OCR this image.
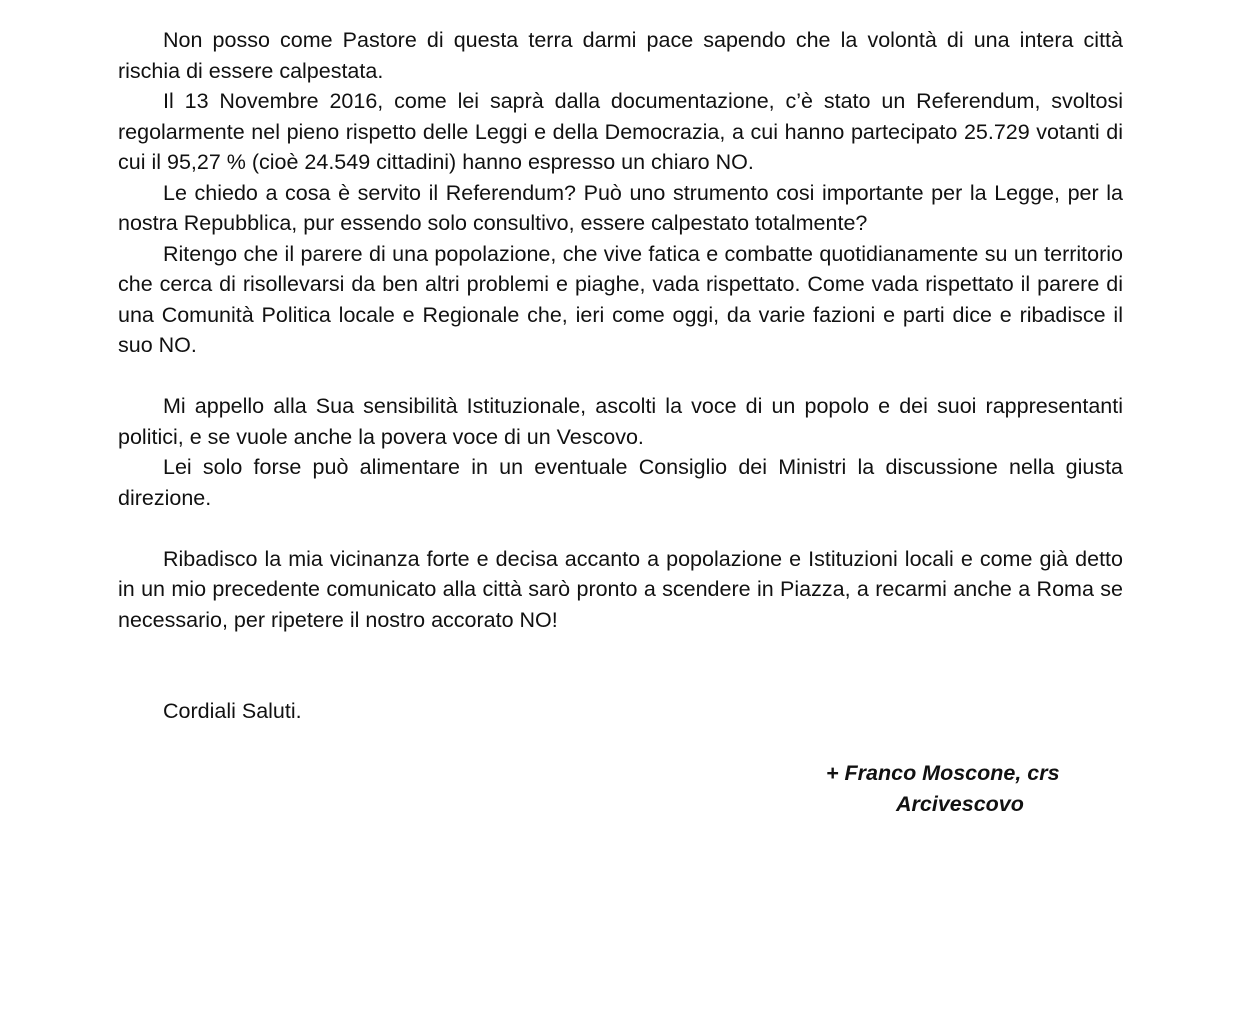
Non posso come Pastore di questa terra darmi pace sapendo che la volontà di una intera città rischia di essere calpestata.

Il 13 Novembre 2016, come lei saprà dalla documentazione, c’è stato un Referendum, svoltosi regolarmente nel pieno rispetto delle Leggi e della Democrazia, a cui hanno partecipato 25.729 votanti di cui il 95,27 % (cioè 24.549 cittadini) hanno espresso un chiaro NO.

Le chiedo a cosa è servito il Referendum? Può uno strumento cosi importante per la Legge, per la nostra Repubblica, pur essendo solo consultivo, essere calpestato totalmente?

Ritengo che il parere di una popolazione, che vive fatica e combatte quotidianamente su un territorio che cerca di risollevarsi da ben altri problemi e piaghe, vada rispettato. Come vada rispettato il parere di una Comunità Politica locale e Regionale che, ieri come oggi, da varie fazioni e parti dice e ribadisce il suo NO.

Mi appello alla Sua sensibilità Istituzionale, ascolti la voce di un popolo e dei suoi rappresentanti politici, e se vuole anche la povera voce di un Vescovo.

Lei solo forse può alimentare in un eventuale Consiglio dei Ministri la discussione nella giusta direzione.

Ribadisco la mia vicinanza forte e decisa accanto a popolazione e Istituzioni locali e come già detto in un mio precedente comunicato alla città sarò pronto a scendere in Piazza, a recarmi anche a Roma se necessario, per ripetere il nostro accorato NO!

Cordiali Saluti.

+ Franco Moscone, crs
Arcivescovo
